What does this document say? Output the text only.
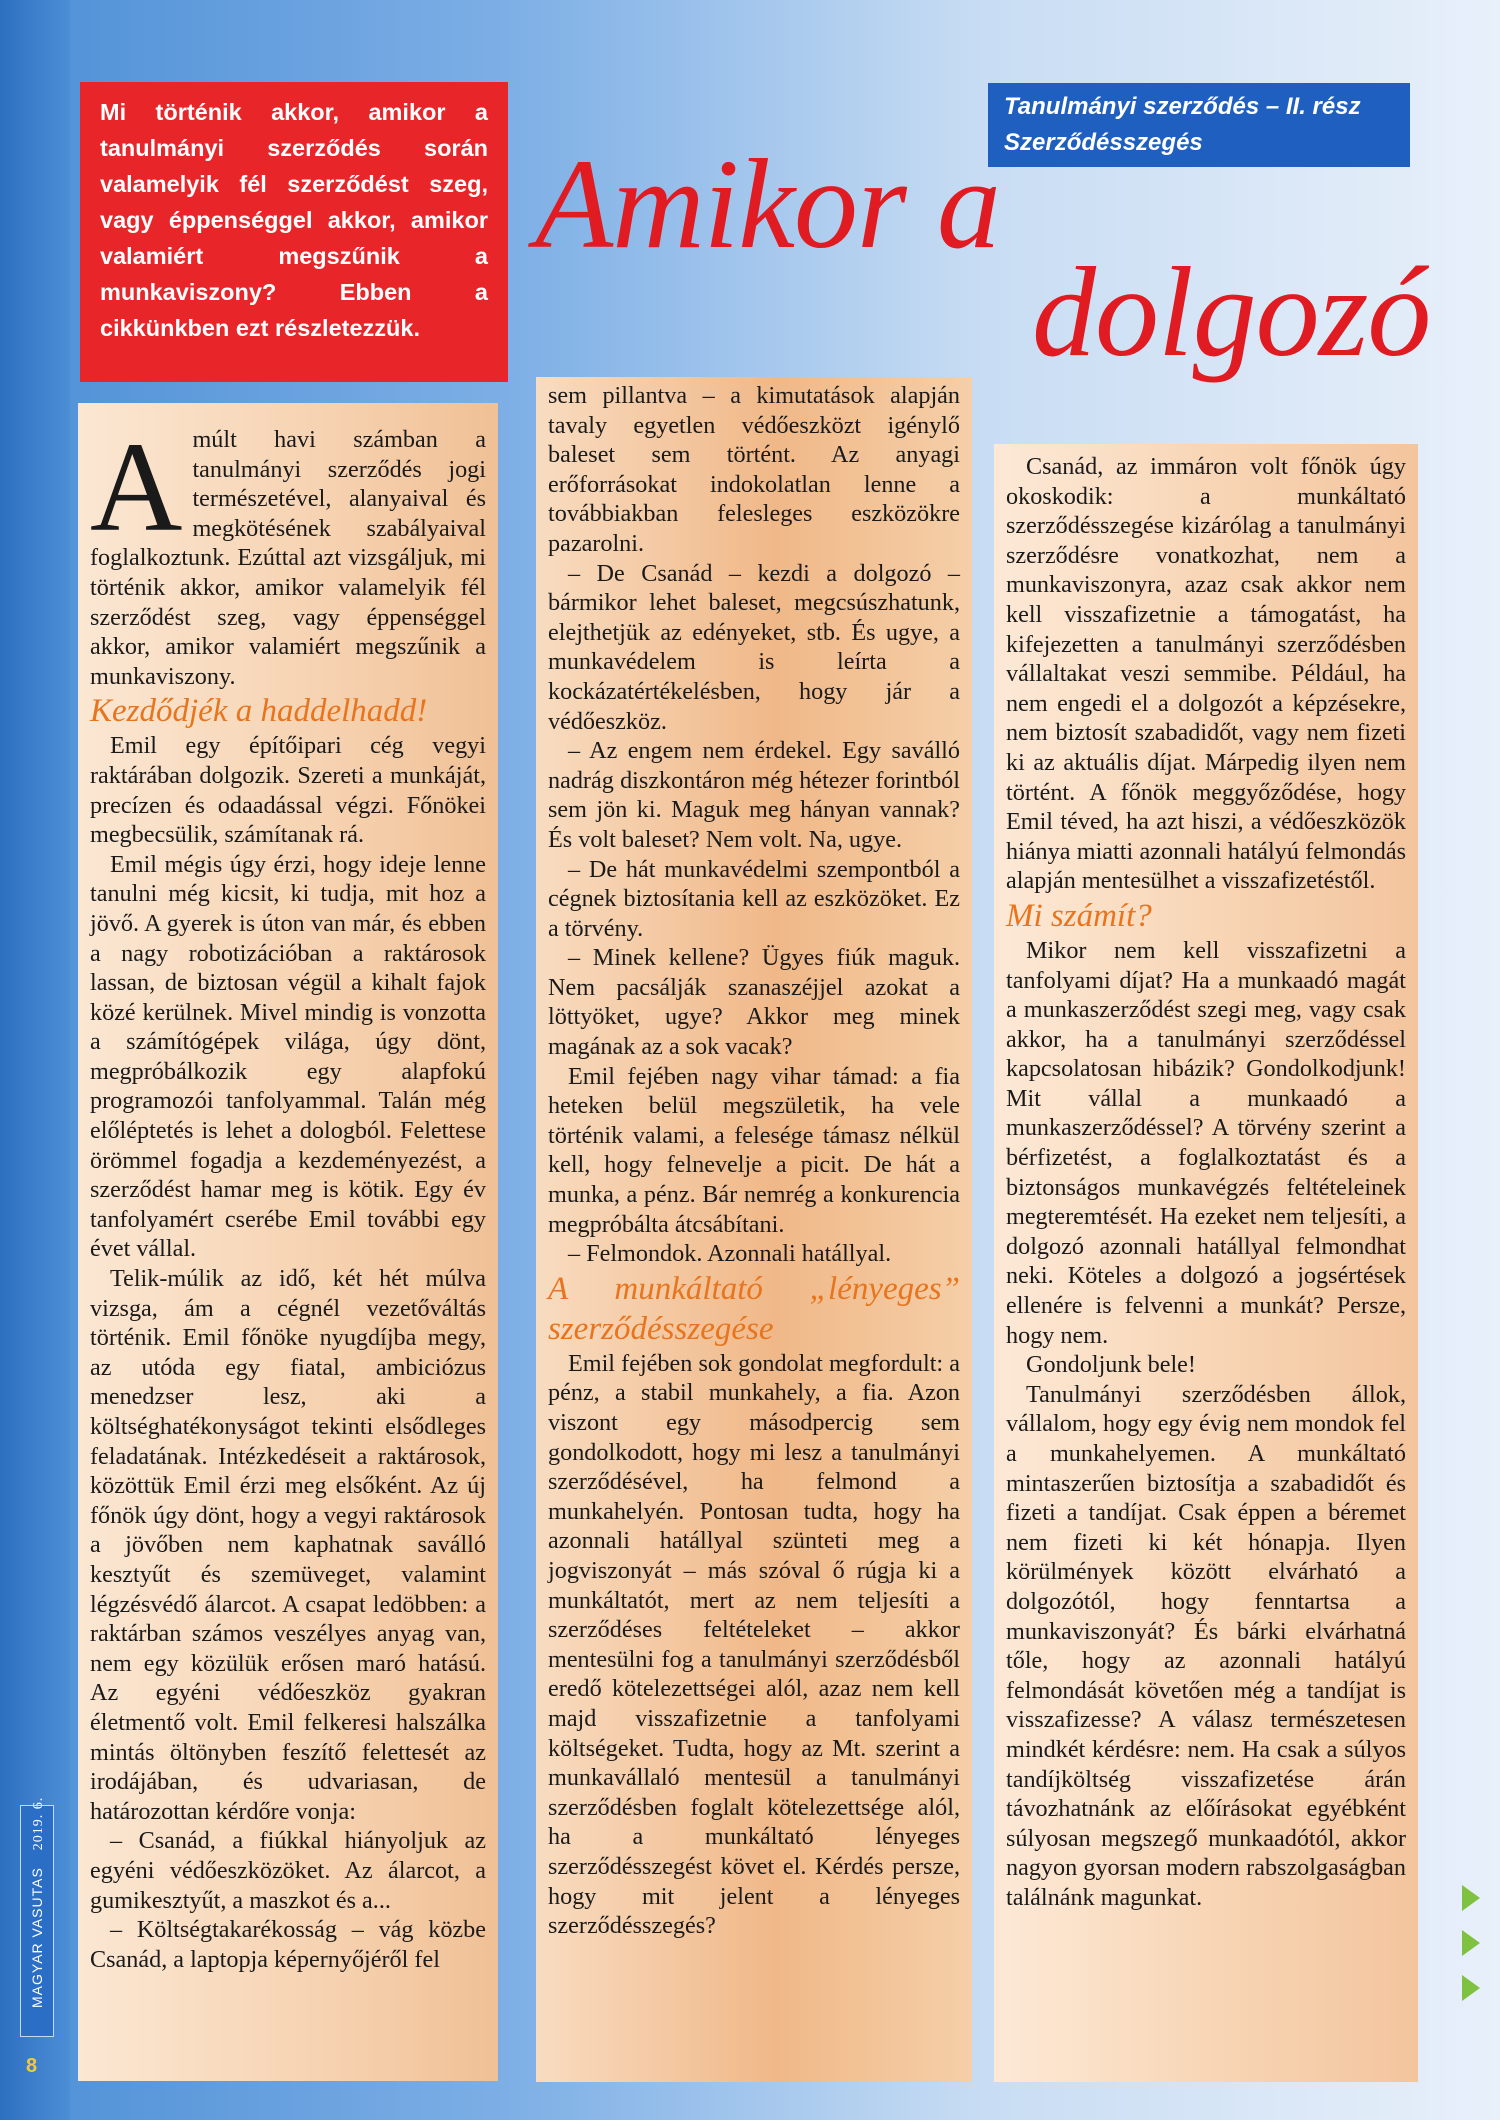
Mi történik akkor, amikor a tanulmányi szerződés során valamelyik fél szerződést szeg, vagy éppenséggel akkor, amikor valamiért megszűnik a munkaviszony? Ebben a cikkünkben ezt részletezzük.
Tanulmányi szerződés – II. rész
Szerződésszegés
Amikor a
dolgozó
A múlt havi számban a tanulmányi szerződés jogi természetével, alanyaival és megkötésének szabályaival foglalkoztunk. Ezúttal azt vizsgáljuk, mi történik akkor, amikor valamelyik fél szerződést szeg, vagy éppenséggel akkor, amikor valamiért megszűnik a munkaviszony.

Kezdődjék a haddelhadd!

Emil egy építőipari cég vegyi raktárában dolgozik. Szereti a munkáját, precízen és odaadással végzi. Főnökei megbecsülik, számítanak rá.

Emil mégis úgy érzi, hogy ideje lenne tanulni még kicsit, ki tudja, mit hoz a jövő. A gyerek is úton van már, és ebben a nagy robotizációban a raktárosok lassan, de biztosan végül a kihalt fajok közé kerülnek. Mivel mindig is vonzotta a számítógépek világa, úgy dönt, megpróbálkozik egy alapfokú programozói tanfolyammal. Talán még előléptetés is lehet a dologból. Felettese örömmel fogadja a kezdeményezést, a szerződést hamar meg is kötik. Egy év tanfolyamért cserébe Emil további egy évet vállal.

Telik-múlik az idő, két hét múlva vizsga, ám a cégnél vezetőváltás történik. Emil főnöke nyugdíjba megy, az utóda egy fiatal, ambiciózus menedzser lesz, aki a költséghatékonyságot tekinti elsődleges feladatának. Intézkedéseit a raktárosok, közöttük Emil érzi meg elsőként. Az új főnök úgy dönt, hogy a vegyi raktárosok a jövőben nem kaphatnak saválló kesztyűt és szemüveget, valamint légzésvédő álarcot. A csapat ledöbben: a raktárban számos veszélyes anyag van, nem egy közülük erősen maró hatású. Az egyéni védőeszköz gyakran életmentő volt. Emil felkeresi halszálka mintás öltönyben feszítő felettesét az irodájában, és udvariasan, de határozottan kérdőre vonja:

– Csanád, a fiúkkal hiányoljuk az egyéni védőeszközöket. Az álarcot, a gumikesztyűt, a maszkot és a...

– Költségtakarékosság – vág közbe Csanád, a laptopja képernyőjéről fel

sem pillantva – a kimutatások alapján tavaly egyetlen védőeszközt igénylő baleset sem történt. Az anyagi erőforrásokat indokolatlan lenne a továbbiakban felesleges eszközökre pazarolni.

– De Csanád – kezdi a dolgozó – bármikor lehet baleset, megcsúszhatunk, elejthetjük az edényeket, stb. És ugye, a munkavédelem is leírta a kockázatértékelésben, hogy jár a védőeszköz.

– Az engem nem érdekel. Egy saválló nadrág diszkontáron még hétezer forintból sem jön ki. Maguk meg hányan vannak? És volt baleset? Nem volt. Na, ugye.

– De hát munkavédelmi szempontból a cégnek biztosítania kell az eszközöket. Ez a törvény.

– Minek kellene? Ügyes fiúk maguk. Nem pacsálják szanaszéjjel azokat a löttyöket, ugye? Akkor meg minek magának az a sok vacak?

Emil fejében nagy vihar támad: a fia heteken belül megszületik, ha vele történik valami, a felesége támasz nélkül kell, hogy felnevelje a picit. De hát a munka, a pénz. Bár nemrég a konkurencia megpróbálta átcsábítani.

– Felmondok. Azonnali hatállyal.

A munkáltató „lényeges” szerződésszegése

Emil fejében sok gondolat megfordult: a pénz, a stabil munkahely, a fia. Azon viszont egy másodpercig sem gondolkodott, hogy mi lesz a tanulmányi szerződésével, ha felmond a munkahelyén. Pontosan tudta, hogy ha azonnali hatállyal szünteti meg a jogviszonyát – más szóval ő rúgja ki a munkáltatót, mert az nem teljesíti a szerződéses feltételeket – akkor mentesülni fog a tanulmányi szerződésből eredő kötelezettségei alól, azaz nem kell majd visszafizetnie a tanfolyami költségeket. Tudta, hogy az Mt. szerint a munkavállaló mentesül a tanulmányi szerződésben foglalt kötelezettsége alól, ha a munkáltató lényeges szerződésszegést követ el. Kérdés persze, hogy mit jelent a lényeges szerződésszegés?

Csanád, az immáron volt főnök úgy okoskodik: a munkáltató szerződésszegése kizárólag a tanulmányi szerződésre vonatkozhat, nem a munkaviszonyra, azaz csak akkor nem kell visszafizetnie a támogatást, ha kifejezetten a tanulmányi szerződésben vállaltakat veszi semmibe. Például, ha nem engedi el a dolgozót a képzésekre, nem biztosít szabadidőt, vagy nem fizeti ki az aktuális díjat. Márpedig ilyen nem történt. A főnök meggyőződése, hogy Emil téved, ha azt hiszi, a védőeszközök hiánya miatti azonnali hatályú felmondás alapján mentesülhet a visszafizetéstől.

Mi számít?

Mikor nem kell visszafizetni a tanfolyami díjat? Ha a munkaadó magát a munkaszerződést szegi meg, vagy csak akkor, ha a tanulmányi szerződéssel kapcsolatosan hibázik? Gondolkodjunk! Mit vállal a munkaadó a munkaszerződéssel? A törvény szerint a bérfizetést, a foglalkoztatást és a biztonságos munkavégzés feltételeinek megteremtését. Ha ezeket nem teljesíti, a dolgozó azonnali hatállyal felmondhat neki. Köteles a dolgozó a jogsértések ellenére is felvenni a munkát? Persze, hogy nem.

Gondoljunk bele!

Tanulmányi szerződésben állok, vállalom, hogy egy évig nem mondok fel a munkahelyemen. A munkáltató mintaszerűen biztosítja a szabadidőt és fizeti a tandíjat. Csak éppen a béremet nem fizeti ki két hónapja. Ilyen körülmények között elvárható a dolgozótól, hogy fenntartsa a munkaviszonyát? És bárki elvárhatná tőle, hogy az azonnali hatályú felmondását követően még a tandíjat is visszafizesse? A válasz természetesen mindkét kérdésre: nem. Ha csak a súlyos tandíjköltség visszafizetése árán távozhatnánk az előírásokat egyébként súlyosan megszegő munkaadótól, akkor nagyon gyorsan modern rabszolgaságban találnánk magunkat.

MAGYAR VASUTAS 2019. 6.
8
